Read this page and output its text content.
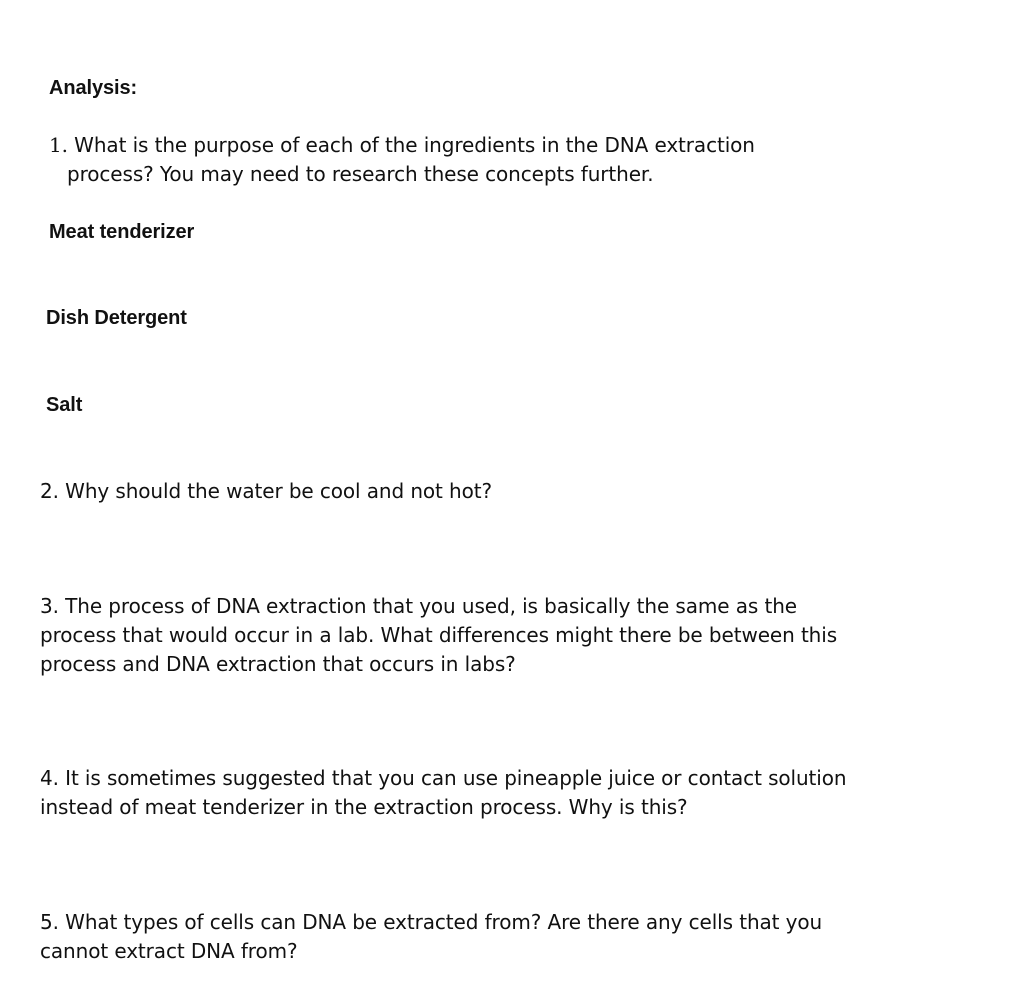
Analysis:
1. What is the purpose of each of the ingredients in the DNA extraction
process? You may need to research these concepts further.
Meat tenderizer
Dish Detergent
Salt
2. Why should the water be cool and not hot?
3. The process of DNA extraction that you used, is basically the same as the
process that would occur in a lab. What differences might there be between this
process and DNA extraction that occurs in labs?
4. It is sometimes suggested that you can use pineapple juice or contact solution
instead of meat tenderizer in the extraction process. Why is this?
5. What types of cells can DNA be extracted from? Are there any cells that you
cannot extract DNA from?
